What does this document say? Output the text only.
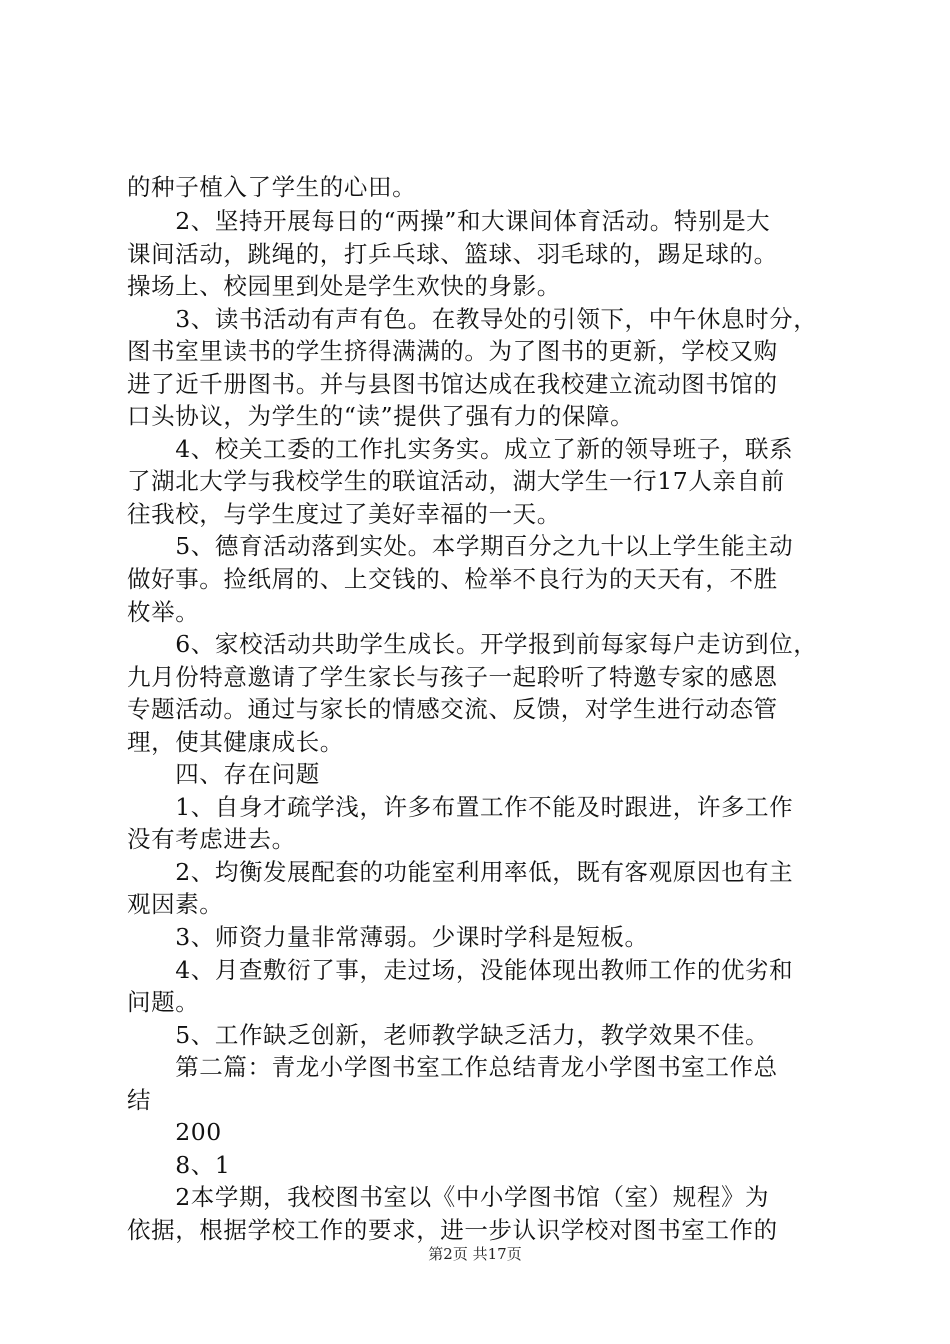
的种子植入了学生的心田。
　　2、坚持开展每日的“两操”和大课间体育活动。特别是大
课间活动，跳绳的，打乒乓球、篮球、羽毛球的，踢足球的。
操场上、校园里到处是学生欢快的身影。
　　3、读书活动有声有色。在教导处的引领下，中午休息时分，
图书室里读书的学生挤得满满的。为了图书的更新，学校又购
进了近千册图书。并与县图书馆达成在我校建立流动图书馆的
口头协议，为学生的“读”提供了强有力的保障。
　　4、校关工委的工作扎实务实。成立了新的领导班子，联系
了湖北大学与我校学生的联谊活动，湖大学生一行17人亲自前
往我校，与学生度过了美好幸福的一天。
　　5、德育活动落到实处。本学期百分之九十以上学生能主动
做好事。捡纸屑的、上交钱的、检举不良行为的天天有，不胜
枚举。
　　6、家校活动共助学生成长。开学报到前每家每户走访到位，
九月份特意邀请了学生家长与孩子一起聆听了特邀专家的感恩
专题活动。通过与家长的情感交流、反馈，对学生进行动态管
理，使其健康成长。
　　四、存在问题
　　1、自身才疏学浅，许多布置工作不能及时跟进，许多工作
没有考虑进去。
　　2、均衡发展配套的功能室利用率低，既有客观原因也有主
观因素。
　　3、师资力量非常薄弱。少课时学科是短板。
　　4、月查敷衍了事，走过场，没能体现出教师工作的优劣和
问题。
　　5、工作缺乏创新，老师教学缺乏活力，教学效果不佳。
　　第二篇：青龙小学图书室工作总结青龙小学图书室工作总
结
　　200
　　8、1
　　2本学期，我校图书室以《中小学图书馆（室）规程》为
依据，根据学校工作的要求，进一步认识学校对图书室工作的
第2页 共17页
